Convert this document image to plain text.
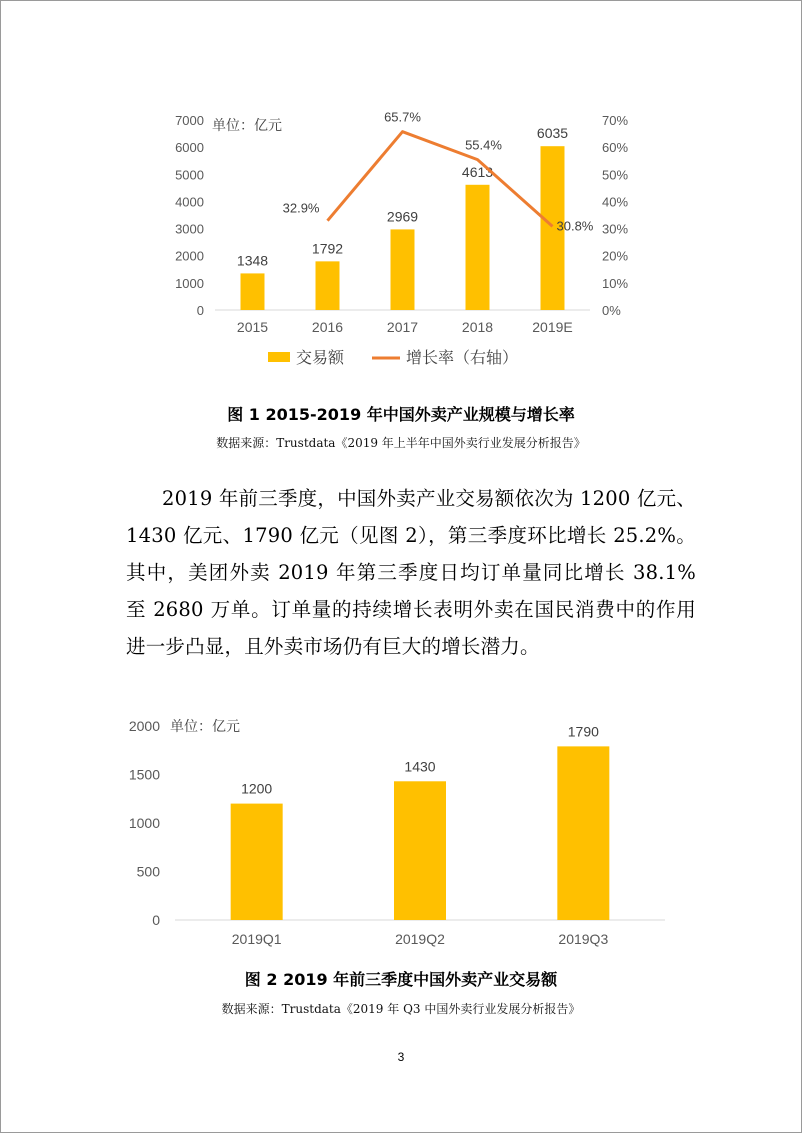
0
1000
2000
3000
4000
5000
6000
7000
0%
10%
20%
30%
40%
50%
60%
70%
单位：亿元
1348
2015
1792
2016
2969
2017
4613
2018
6035
2019E
32.9%
65.7%
55.4%
30.8%
交易额	增长率（右轴）
图 1 2015-2019 年中国外卖产业规模与增长率
数据来源：Trustdata《2019 年上半年中国外卖行业发展分析报告》
2019 年前三季度，中国外卖产业交易额依次为 1200 亿元、1430 亿元、1790 亿元（见图 2），第三季度环比增长 25.2%。其中，美团外卖 2019 年第三季度日均订单量同比增长 38.1% 至 2680 万单。订单量的持续增长表明外卖在国民消费中的作用进一步凸显，且外卖市场仍有巨大的增长潜力。
0
500
1000
1500
2000 单位：亿元
1200
2019Q1
1430
2019Q2
1790
2019Q3
图 2 2019 年前三季度中国外卖产业交易额
数据来源：Trustdata《2019 年 Q3 中国外卖行业发展分析报告》
3
